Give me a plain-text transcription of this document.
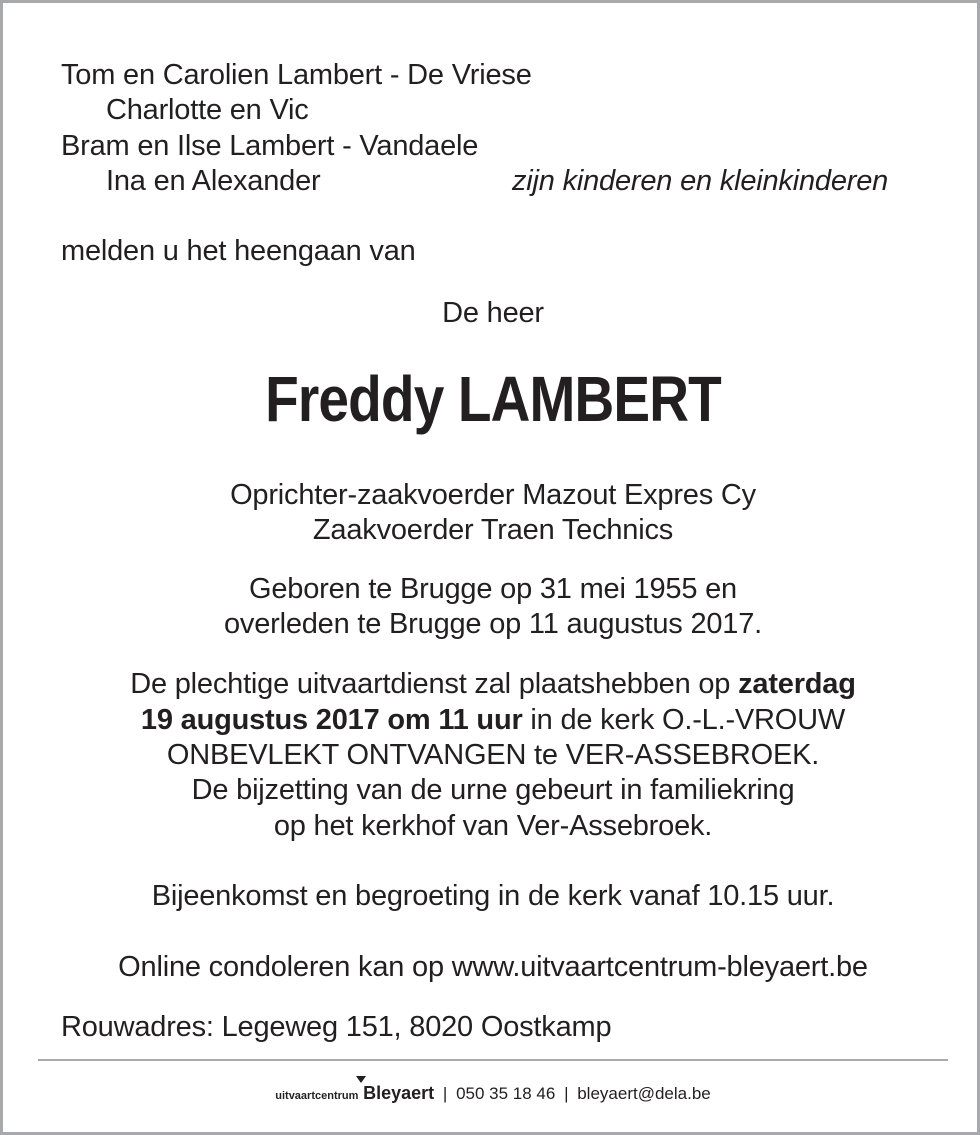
Tom en Carolien Lambert - De Vriese

Charlotte en Vic

Bram en Ilse Lambert - Vandaele

Ina en Alexander	zijn kinderen en kleinkinderen

melden u het heengaan van

De heer

Freddy LAMBERT

Oprichter-zaakvoerder Mazout Expres Cy

Zaakvoerder Traen Technics

Geboren te Brugge op 31 mei 1955 en

overleden te Brugge op 11 augustus 2017.

De plechtige uitvaartdienst zal plaatshebben op zaterdag

19 augustus 2017 om 11 uur in de kerk O.-L.-VROUW

ONBEVLEKT ONTVANGEN te VER-ASSEBROEK.

De bijzetting van de urne gebeurt in familiekring

op het kerkhof van Ver-Assebroek.

Bijeenkomst en begroeting in de kerk vanaf 10.15 uur.

Online condoleren kan op www.uitvaartcentrum-bleyaert.be

Rouwadres: Legeweg 151, 8020 Oostkamp

uitvaartcentrum Bleyaert | 050 35 18 46 | bleyaert@dela.be
